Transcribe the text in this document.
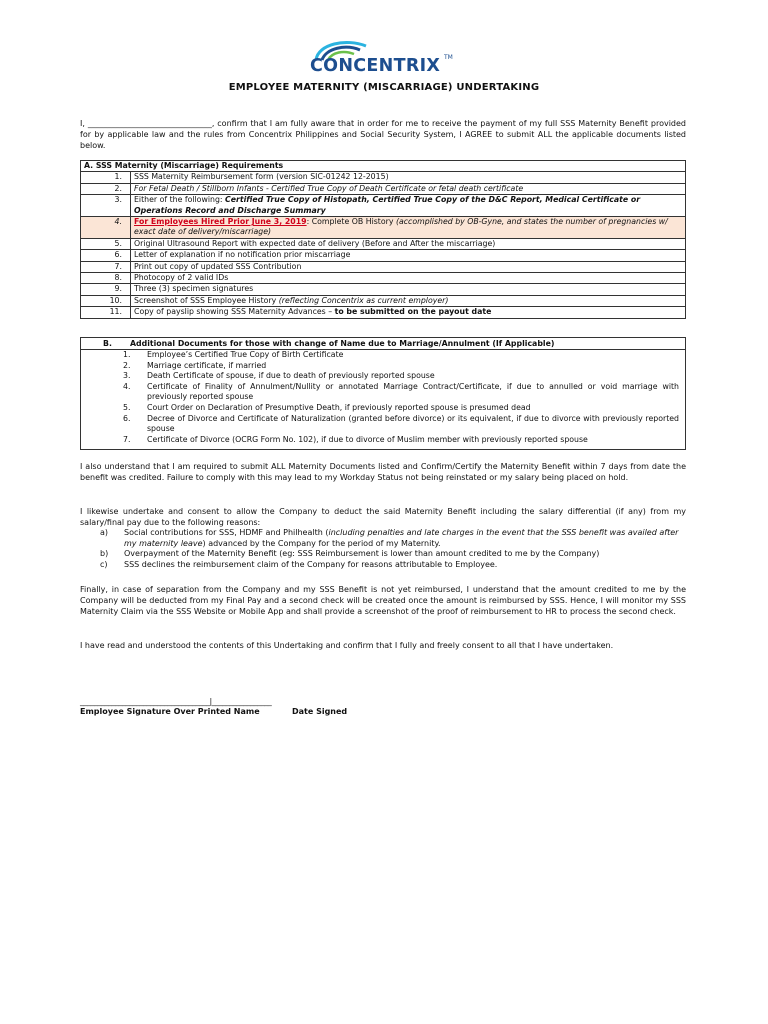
CONCENTRIX TM
EMPLOYEE MATERNITY (MISCARRIAGE) UNDERTAKING
I, _______________________________, confirm that I am fully aware that in order for me to receive the payment of my full SSS Maternity Benefit provided for by applicable law and the rules from Concentrix Philippines and Social Security System, I AGREE to submit ALL the applicable documents listed below.
A. SSS Maternity (Miscarriage) Requirements	
1.	SSS Maternity Reimbursement form (version SIC-01242 12-2015)
2.	For Fetal Death / Stillborn Infants - Certified True Copy of Death Certificate or fetal death certificate
3.	Either of the following: Certified True Copy of Histopath, Certified True Copy of the D&C Report, Medical Certificate or Operations Record and Discharge Summary
4.	For Employees Hired Prior June 3, 2019: Complete OB History (accomplished by OB-Gyne, and states the number of pregnancies w/ exact date of delivery/miscarriage)
5.	Original Ultrasound Report with expected date of delivery (Before and After the miscarriage)
6.	Letter of explanation if no notification prior miscarriage
7.	Print out copy of updated SSS Contribution
8.	Photocopy of 2 valid IDs
9.	Three (3) specimen signatures
10.	Screenshot of SSS Employee History (reflecting Concentrix as current employer)
11.	Copy of payslip showing SSS Maternity Advances – to be submitted on the payout date
B. Additional Documents for those with change of Name due to Marriage/Annulment (If Applicable)
1. Employee’s Certified True Copy of Birth Certificate
2. Marriage certificate, if married
3. Death Certificate of spouse, if due to death of previously reported spouse
4. Certificate of Finality of Annulment/Nullity or annotated Marriage Contract/Certificate, if due to annulled or void marriage with previously reported spouse
5. Court Order on Declaration of Presumptive Death, if previously reported spouse is presumed dead
6. Decree of Divorce and Certificate of Naturalization (granted before divorce) or its equivalent, if due to divorce with previously reported spouse
7. Certificate of Divorce (OCRG Form No. 102), if due to divorce of Muslim member with previously reported spouse
I also understand that I am required to submit ALL Maternity Documents listed and Confirm/Certify the Maternity Benefit within 7 days from date the benefit was credited. Failure to comply with this may lead to my Workday Status not being reinstated or my salary being placed on hold.
I likewise undertake and consent to allow the Company to deduct the said Maternity Benefit including the salary differential (if any) from my salary/final pay due to the following reasons:
a) Social contributions for SSS, HDMF and Philhealth (including penalties and late charges in the event that the SSS benefit was availed after my maternity leave) advanced by the Company for the period of my Maternity.
b) Overpayment of the Maternity Benefit (eg: SSS Reimbursement is lower than amount credited to me by the Company)
c) SSS declines the reimbursement claim of the Company for reasons attributable to Employee.
Finally, in case of separation from the Company and my SSS Benefit is not yet reimbursed, I understand that the amount credited to me by the Company will be deducted from my Final Pay and a second check will be created once the amount is reimbursed by SSS. Hence, I will monitor my SSS Maternity Claim via the SSS Website or Mobile App and shall provide a screenshot of the proof of reimbursement to HR to process the second check.
I have read and understood the contents of this Undertaking and confirm that I fully and freely consent to all that I have undertaken.
_____________________________________|_________________
Employee Signature Over Printed Name	Date Signed
